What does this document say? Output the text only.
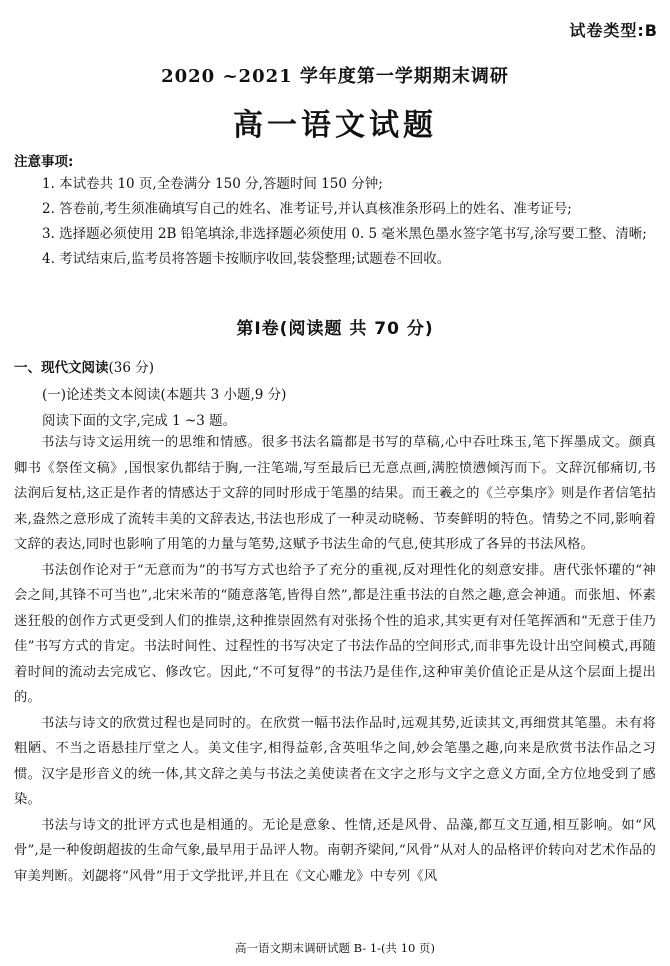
试卷类型:B
2020 ~2021 学年度第一学期期末调研
高一语文试题
注意事项:

1. 本试卷共 10 页,全卷满分 150 分,答题时间 150 分钟;

2. 答卷前,考生须准确填写自己的姓名、准考证号,并认真核准条形码上的姓名、准考证号;

3. 选择题必须使用 2B 铅笔填涂,非选择题必须使用 0. 5 毫米黑色墨水签字笔书写,涂写要工整、清晰;

4. 考试结束后,监考员将答题卡按顺序收回,装袋整理;试题卷不回收。

第Ⅰ卷(阅读题 共 70 分)
一、现代文阅读(36 分)
(一)论述类文本阅读(本题共 3 小题,9 分)
阅读下面的文字,完成 1 ~3 题。

书法与诗文运用统一的思维和情感。很多书法名篇都是书写的草稿,心中吞吐珠玉,笔下挥墨成文。颜真卿书《祭侄文稿》,国恨家仇都结于胸,一注笔端,写至最后已无意点画,满腔愤懑倾泻而下。文辞沉郁痛切,书法润后复枯,这正是作者的情感达于文辞的同时形成于笔墨的结果。而王羲之的《兰亭集序》则是作者信笔拈来,盎然之意形成了流转丰美的文辞表达,书法也形成了一种灵动晓畅、节奏鲜明的特色。情势之不同,影响着文辞的表达,同时也影响了用笔的力量与笔势,这赋予书法生命的气息,使其形成了各异的书法风格。

书法创作论对于“无意而为”的书写方式也给予了充分的重视,反对理性化的刻意安排。唐代张怀瓘的“神会之间,其锋不可当也”,北宋米芾的“随意落笔,皆得自然”,都是注重书法的自然之趣,意会神通。而张旭、怀素迷狂般的创作方式更受到人们的推崇,这种推崇固然有对张扬个性的追求,其实更有对任笔挥洒和“无意于佳乃佳”书写方式的肯定。书法时间性、过程性的书写决定了书法作品的空间形式,而非事先设计出空间模式,再随着时间的流动去完成它、修改它。因此,“不可复得”的书法乃是佳作,这种审美价值论正是从这个层面上提出的。

书法与诗文的欣赏过程也是同时的。在欣赏一幅书法作品时,远观其势,近读其文,再细赏其笔墨。未有将粗陋、不当之语悬挂厅堂之人。美文佳字,相得益彰,含英咀华之间,妙会笔墨之趣,向来是欣赏书法作品之习惯。汉字是形音义的统一体,其文辞之美与书法之美使读者在文字之形与文字之意义方面,全方位地受到了感染。

书法与诗文的批评方式也是相通的。无论是意象、性情,还是风骨、品藻,都互文互通,相互影响。如“风骨”,是一种俊朗超拔的生命气象,最早用于品评人物。南朝齐梁间,“风骨”从对人的品格评价转向对艺术作品的审美判断。刘勰将“风骨”用于文学批评,并且在《文心雕龙》中专列《风

高一语文期末调研试题 B- 1-(共 10 页)
